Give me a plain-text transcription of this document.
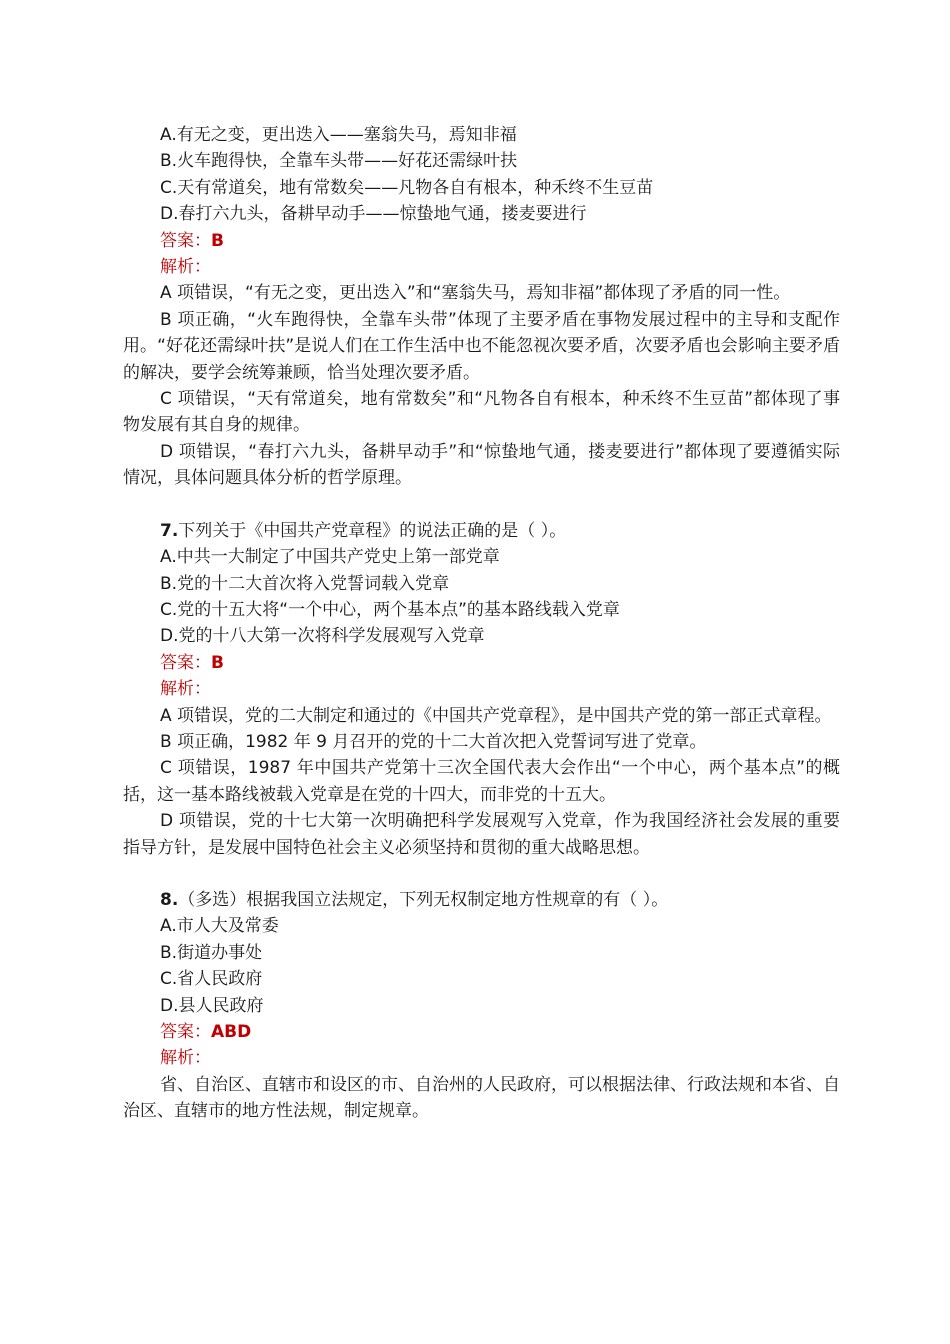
A.有无之变，更出迭入——塞翁失马，焉知非福
B.火车跑得快，全靠车头带——好花还需绿叶扶
C.天有常道矣，地有常数矣——凡物各自有根本，种禾终不生豆苗
D.春打六九头，备耕早动手——惊蛰地气通，搂麦要进行
答案：B
解析：
A 项错误，“有无之变，更出迭入”和“塞翁失马，焉知非福”都体现了矛盾的同一性。
B 项正确，“火车跑得快，全靠车头带”体现了主要矛盾在事物发展过程中的主导和支配作用。“好花还需绿叶扶”是说人们在工作生活中也不能忽视次要矛盾，次要矛盾也会影响主要矛盾的解决，要学会统筹兼顾，恰当处理次要矛盾。
C 项错误，“天有常道矣，地有常数矣”和“凡物各自有根本，种禾终不生豆苗”都体现了事物发展有其自身的规律。
D 项错误，“春打六九头，备耕早动手”和“惊蛰地气通，搂麦要进行”都体现了要遵循实际情况，具体问题具体分析的哲学原理。
7.下列关于《中国共产党章程》的说法正确的是（ ）。
A.中共一大制定了中国共产党史上第一部党章
B.党的十二大首次将入党誓词载入党章
C.党的十五大将“一个中心，两个基本点”的基本路线载入党章
D.党的十八大第一次将科学发展观写入党章
答案：B
解析：
A 项错误，党的二大制定和通过的《中国共产党章程》，是中国共产党的第一部正式章程。
B 项正确，1982 年 9 月召开的党的十二大首次把入党誓词写进了党章。
C 项错误，1987 年中国共产党第十三次全国代表大会作出“一个中心，两个基本点”的概括，这一基本路线被载入党章是在党的十四大，而非党的十五大。
D 项错误，党的十七大第一次明确把科学发展观写入党章，作为我国经济社会发展的重要指导方针，是发展中国特色社会主义必须坚持和贯彻的重大战略思想。
8.（多选）根据我国立法规定，下列无权制定地方性规章的有（ ）。
A.市人大及常委
B.街道办事处
C.省人民政府
D.县人民政府
答案：ABD
解析：
省、自治区、直辖市和设区的市、自治州的人民政府，可以根据法律、行政法规和本省、自治区、直辖市的地方性法规，制定规章。
